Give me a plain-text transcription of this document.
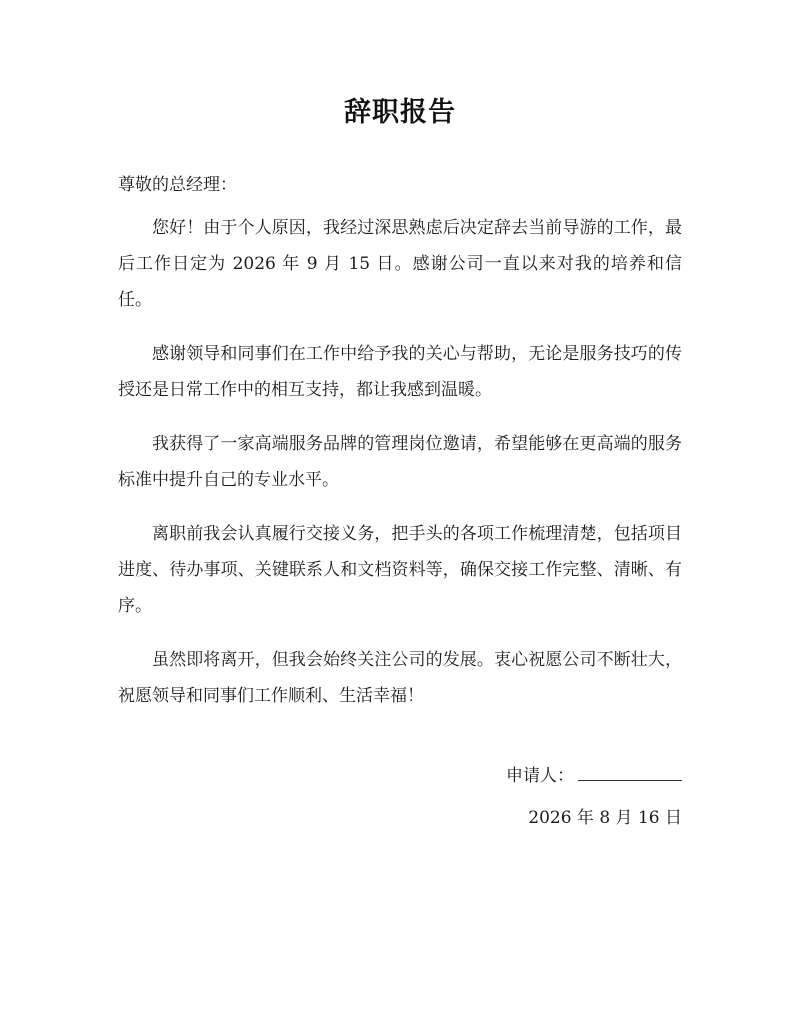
辞职报告

尊敬的总经理：

您好！由于个人原因，我经过深思熟虑后决定辞去当前导游的工作，最后工作日定为 2026 年 9 月 15 日。感谢公司一直以来对我的培养和信任。

感谢领导和同事们在工作中给予我的关心与帮助，无论是服务技巧的传授还是日常工作中的相互支持，都让我感到温暖。

我获得了一家高端服务品牌的管理岗位邀请，希望能够在更高端的服务标准中提升自己的专业水平。

离职前我会认真履行交接义务，把手头的各项工作梳理清楚，包括项目进度、待办事项、关键联系人和文档资料等，确保交接工作完整、清晰、有序。

虽然即将离开，但我会始终关注公司的发展。衷心祝愿公司不断壮大，祝愿领导和同事们工作顺利、生活幸福！

申请人：
2026 年 8 月 16 日
